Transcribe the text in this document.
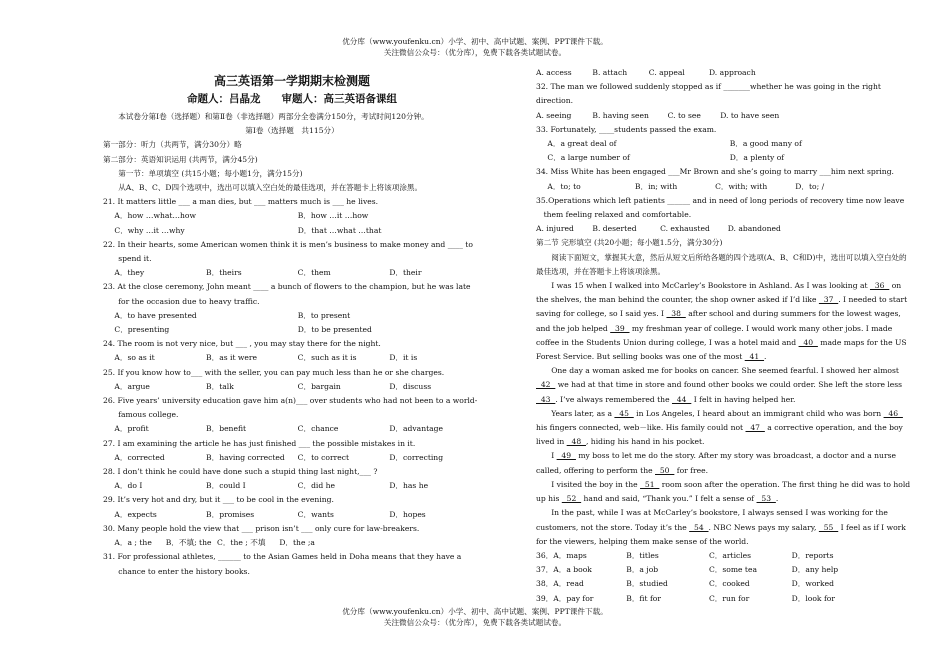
优分库（www.youfenku.cn）小学、初中、高中试题、案例、PPT课件下载。
关注微信公众号：（优分库），免费下载各类试题试卷。

高三英语第一学期期末检测题

命题人：吕晶龙　　审题人：高三英语备课组

本试卷分第Ⅰ卷（选择题）和第Ⅱ卷（非选择题）两部分全卷满分150分，考试时间120分钟。

第Ⅰ卷（选择题　共115分）

第一部分：听力（共两节，满分30分）略

第二部分：英语知识运用 (共两节，满分45分)

第一节：单项填空 (共15小题；每小题1分，满分15分)

从A、B、C、D四个选项中，选出可以填入空白处的最佳选项，并在答题卡上将该项涂黑。

21. It matters little ___ a man dies, but ___ matters much is ___ he lives.

A．how …what…how	B．how …it …how
C．why …it …why	D．that …what …that

22. In their hearts, some American women think it is men’s business to make money and ____ to spend it.

A．they	B．theirs	C．them	D．their

23. At the close ceremony, John meant ____ a bunch of flowers to the champion, but he was late for the occasion due to heavy traffic.

A．to have presented	B．to present
C．presenting	D．to be presented

24. The room is not very nice, but ___ , you may stay there for the night.

A．so as it	B．as it were	C．such as it is	D．it is

25. If you know how to___ with the seller, you can pay much less than he or she charges.

A．argue	B．talk	C．bargain	D．discuss

26. Five years’ university education gave him a(n)___ over students who had not been to a world-famous college.

A．profit	B．benefit	C．chance	D．advantage

27. I am examining the article he has just finished ___ the possible mistakes in it.

A．corrected	B．having corrected	C．to correct	D．correcting

28. I don’t think he could have done such a stupid thing last night,___ ?

A．do I	B．could I	C．did he	D．has he

29. It’s very hot and dry, but it ___ to be cool in the evening.

A．expects	B．promises	C．wants	D．hopes

30. Many people hold the view that ___ prison isn’t ___ only cure for law-breakers.

A．a ; the	B．不填; the C．the ; 不填	D．the ;a

31. For professional athletes, ______ to the Asian Games held in Doha means that they have a chance to enter the history books.

A. access	B. attach	C. appeal	D. approach

32. The man we followed suddenly stopped as if _______whether he was going in the right direction.

A. seeing	B. having seen	C. to see	D. to have seen

33. Fortunately, ____students passed the exam.

A．a great deal of	B．a good many of
C．a large number of	D．a plenty of

34. Miss White has been engaged ___Mr Brown and she’s going to marry ___him next spring.

A．to; to	B．in; with	C．with; with	D．to; /

35.Operations which left patients ______ and in need of long periods of recovery time now leave them feeling relaxed and comfortable.

A. injured	B. deserted	C. exhausted	D. abandoned

第二节 完形填空 (共20小题；每小题1.5分，满分30分)

阅读下面短文，掌握其大意，然后从短文后所给各题的四个选项(A、B、C和D)中，选出可以填入空白处的最佳选项，并在答题卡上将该项涂黑。

I was 15 when I walked into McCarley’s Bookstore in Ashland. As I was looking at   36   on the shelves, the man behind the counter, the shop owner asked if I’d like   37  . I needed to start saving for college, so I said yes. I   38   after school and during summers for the lowest wages, and the job helped   39   my freshman year of college. I would work many other jobs. I made coffee in the Students Union during college, I was a hotel maid and   40   made maps for the US Forest Service. But selling books was one of the most   41  .

One day a woman asked me for books on cancer. She seemed fearful. I showed her almost   42   we had at that time in store and found other books we could order. She left the store less   43  . I’ve always remembered the   44   I felt in having helped her.

Years later, as a   45   in Los Angeles, I heard about an immigrant child who was born   46   his fingers connected, web－like. His family could not   47   a corrective operation, and the boy lived in   48  , hiding his hand in his pocket.

I   49   my boss to let me do the story. After my story was broadcast, a doctor and a nurse called, offering to perform the   50   for free.

I visited the boy in the   51   room soon after the operation. The first thing he did was to hold up his   52   hand and said, “Thank you.” I felt a sense of   53  .

In the past, while I was at McCarley’s bookstore, I always sensed I was working for the customers, not the store. Today it’s the   54  . NBC News pays my salary,   55   I feel as if I work for the viewers, helping them make sense of the world.

36．A．maps	B．titles	C．articles	D．reports
37．A．a book	B．a job	C．some tea	D．any help
38．A．read	B．studied	C．cooked	D．worked
39．A．pay for	B．fit for	C．run for	D．look for
优分库（www.youfenku.cn）小学、初中、高中试题、案例、PPT课件下载。
关注微信公众号：（优分库），免费下载各类试题试卷。
